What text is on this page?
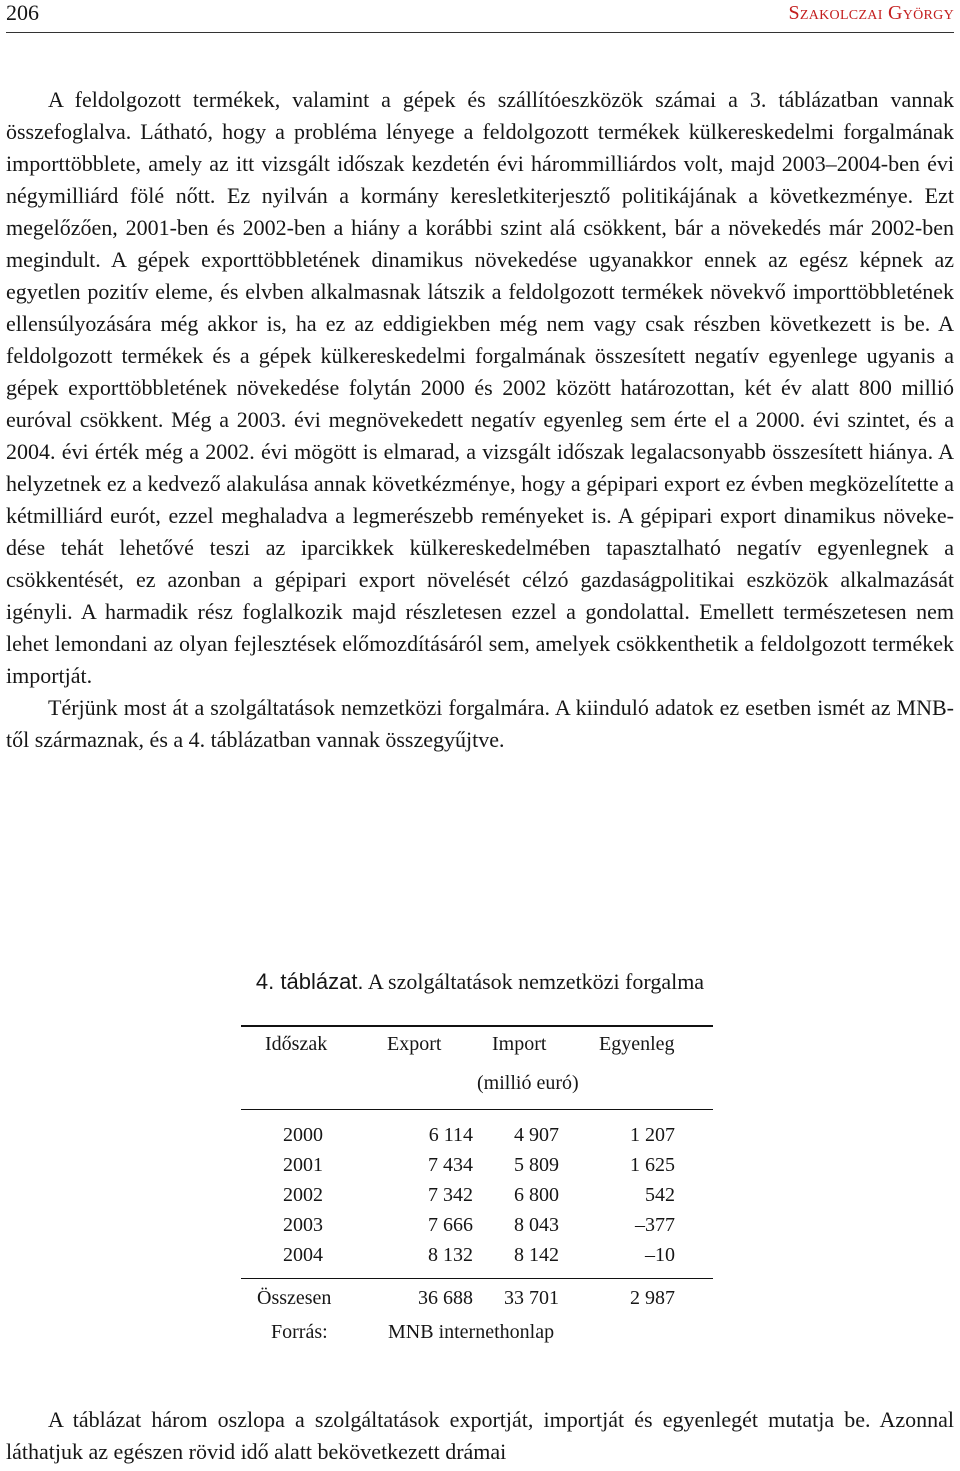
206	Szakolczai György

A feldolgozott termékek, valamint a gépek és szállítóeszközök számai a 3. táblázatban vannak összefoglalva. Látható, hogy a probléma lényege a feldolgozott termékek külkereskedelmi forgalmának importtöbblete, amely az itt vizsgált időszak kezdetén évi hárommilliárdos volt, majd 2003–2004-ben évi négymilliárd fölé nőtt. Ez nyilván a kormány keresletkiterjesztő politikájának a következménye. Ezt megelőzően, 2001-ben és 2002-ben a hiány a korábbi szint alá csökkent, bár a növekedés már 2002-ben megindult. A gépek exporttöbbletének dinamikus növekedése ugyanakkor ennek az egész képnek az egyetlen pozitív eleme, és elvben alkalmasnak látszik a feldolgozott termékek növekvő importtöbbletének ellensúlyozására még akkor is, ha ez az eddigiekben még nem vagy csak részben következett is be. A feldolgozott termékek és a gépek külkereskedelmi forgalmának összesített negatív egyenlege ugyanis a gépek exporttöbbletének növekedése folytán 2000 és 2002 között határozottan, két év alatt 800 millió euróval csökkent. Még a 2003. évi megnövekedett negatív egyenleg sem érte el a 2000. évi szintet, és a 2004. évi érték még a 2002. évi mögött is elmarad, a vizsgált időszak legalacsonyabb összesített hiánya. A helyzetnek ez a kedvező alakulása annak követkézménye, hogy a gépipari export ez évben megközelítette a kétmilliárd eurót, ezzel meghaladva a legmerészebb reményeket is. A gépipari export dinamikus növekedése tehát lehetővé teszi az iparcikkek külkereskedelmében tapasztalható negatív egyenlegnek a csökkentését, ez azonban a gépipari export növelését célzó gazdaságpolitikai eszközök alkalmazását igényli. A harmadik rész foglalkozik majd részletesen ezzel a gondolattal. Emellett természetesen nem lehet lemondani az olyan fejlesztések előmozdításáról sem, amelyek csökkenthetik a feldolgozott termékek importját.

Térjünk most át a szolgáltatások nemzetközi forgalmára. A kiinduló adatok ez esetben ismét az MNB-től származnak, és a 4. táblázatban vannak összegyűjtve.

4. táblázat. A szolgáltatások nemzetközi forgalma
Időszak	Export	Import	Egyenleg
(millió euró)
2000	6 114	4 907	1 207
2001	7 434	5 809	1 625
2002	7 342	6 800	542
2003	7 666	8 043	–377
2004	8 132	8 142	–10
Összesen	36 688	33 701	2 987
Forrás:	MNB internethonlap

A táblázat három oszlopa a szolgáltatások exportját, importját és egyenlegét mutatja be. Azonnal láthatjuk az egészen rövid idő alatt bekövetkezett drámai
